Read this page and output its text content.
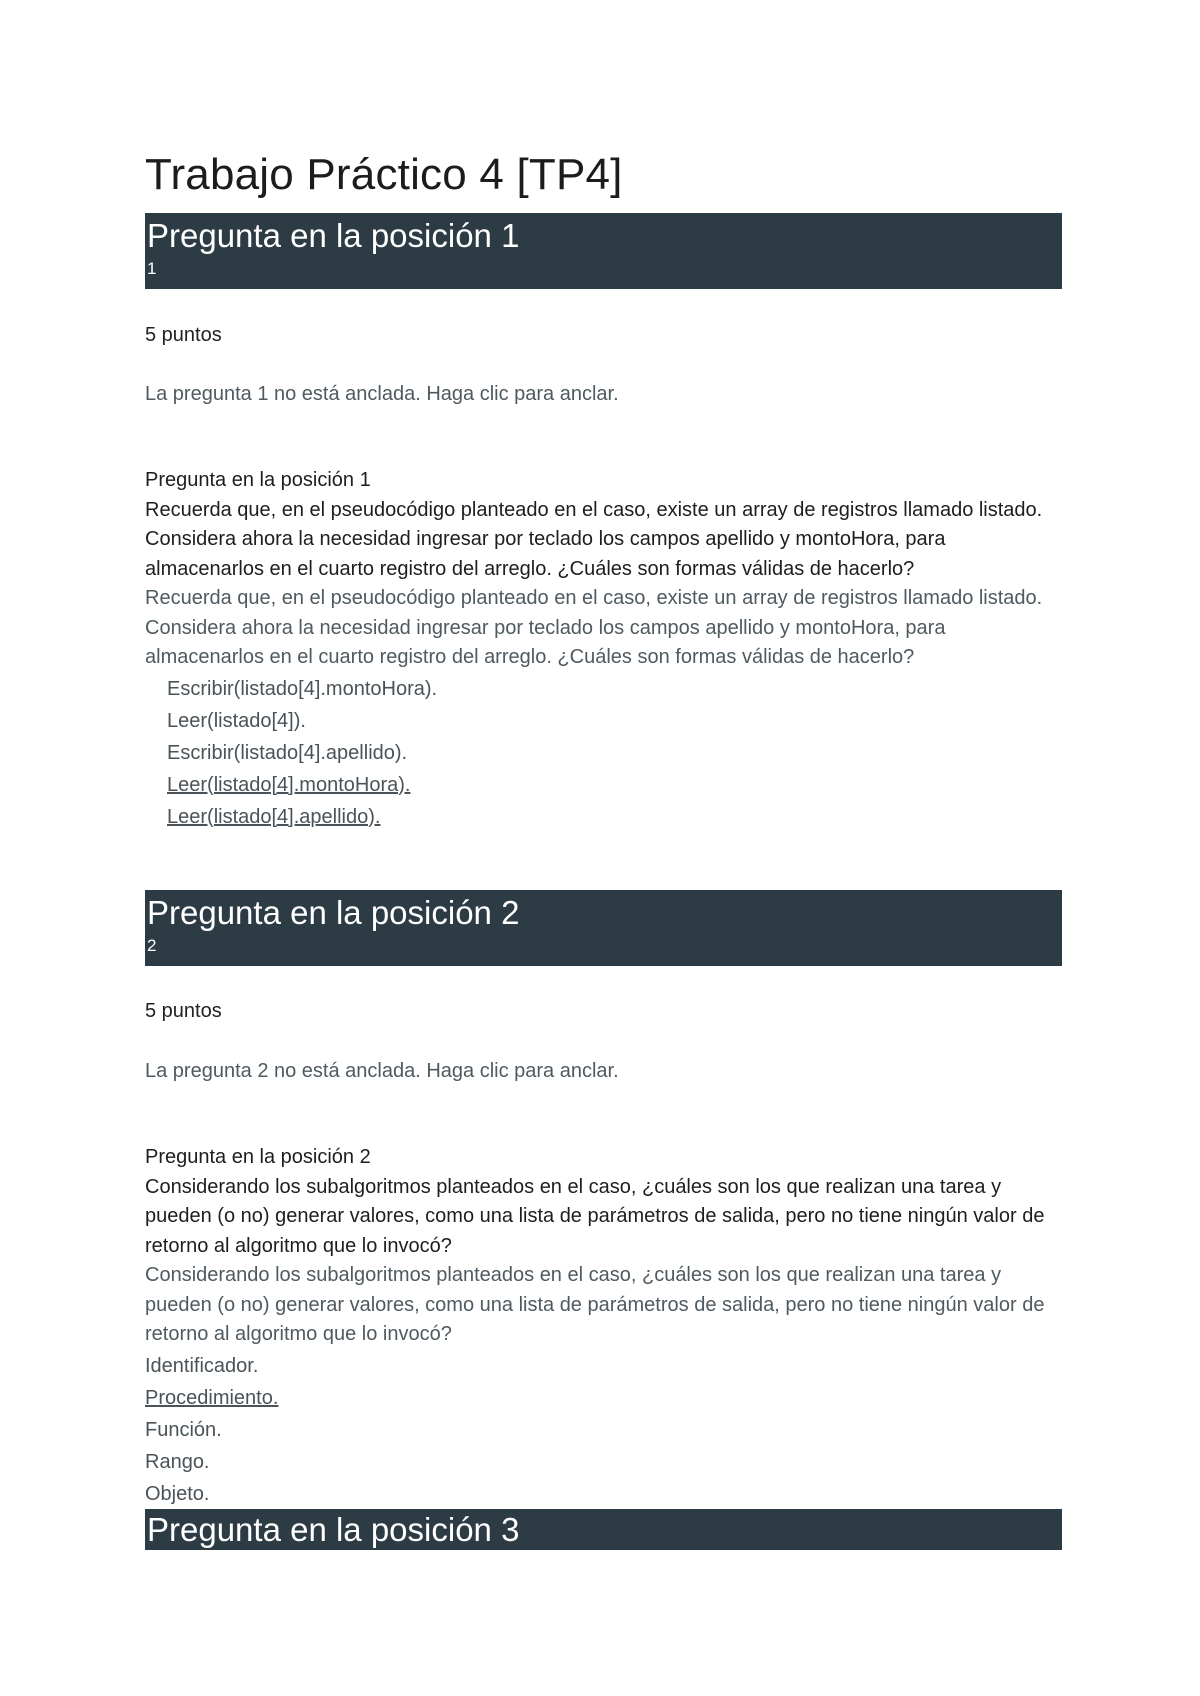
Trabajo Práctico 4 [TP4]
Pregunta en la posición 1
1
5 puntos
La pregunta 1 no está anclada. Haga clic para anclar.
Pregunta en la posición 1
Recuerda que, en el pseudocódigo planteado en el caso, existe un array de registros llamado listado. Considera ahora la necesidad ingresar por teclado los campos apellido y montoHora, para almacenarlos en el cuarto registro del arreglo. ¿Cuáles son formas válidas de hacerlo?
Recuerda que, en el pseudocódigo planteado en el caso, existe un array de registros llamado listado. Considera ahora la necesidad ingresar por teclado los campos apellido y montoHora, para almacenarlos en el cuarto registro del arreglo. ¿Cuáles son formas válidas de hacerlo?
Escribir(listado[4].montoHora).
Leer(listado[4]).
Escribir(listado[4].apellido).
Leer(listado[4].montoHora).
Leer(listado[4].apellido).
Pregunta en la posición 2
2
5 puntos
La pregunta 2 no está anclada. Haga clic para anclar.
Pregunta en la posición 2
Considerando los subalgoritmos planteados en el caso, ¿cuáles son los que realizan una tarea y pueden (o no) generar valores, como una lista de parámetros de salida, pero no tiene ningún valor de retorno al algoritmo que lo invocó?
Considerando los subalgoritmos planteados en el caso, ¿cuáles son los que realizan una tarea y pueden (o no) generar valores, como una lista de parámetros de salida, pero no tiene ningún valor de retorno al algoritmo que lo invocó?
Identificador.
Procedimiento.
Función.
Rango.
Objeto.
Pregunta en la posición 3
